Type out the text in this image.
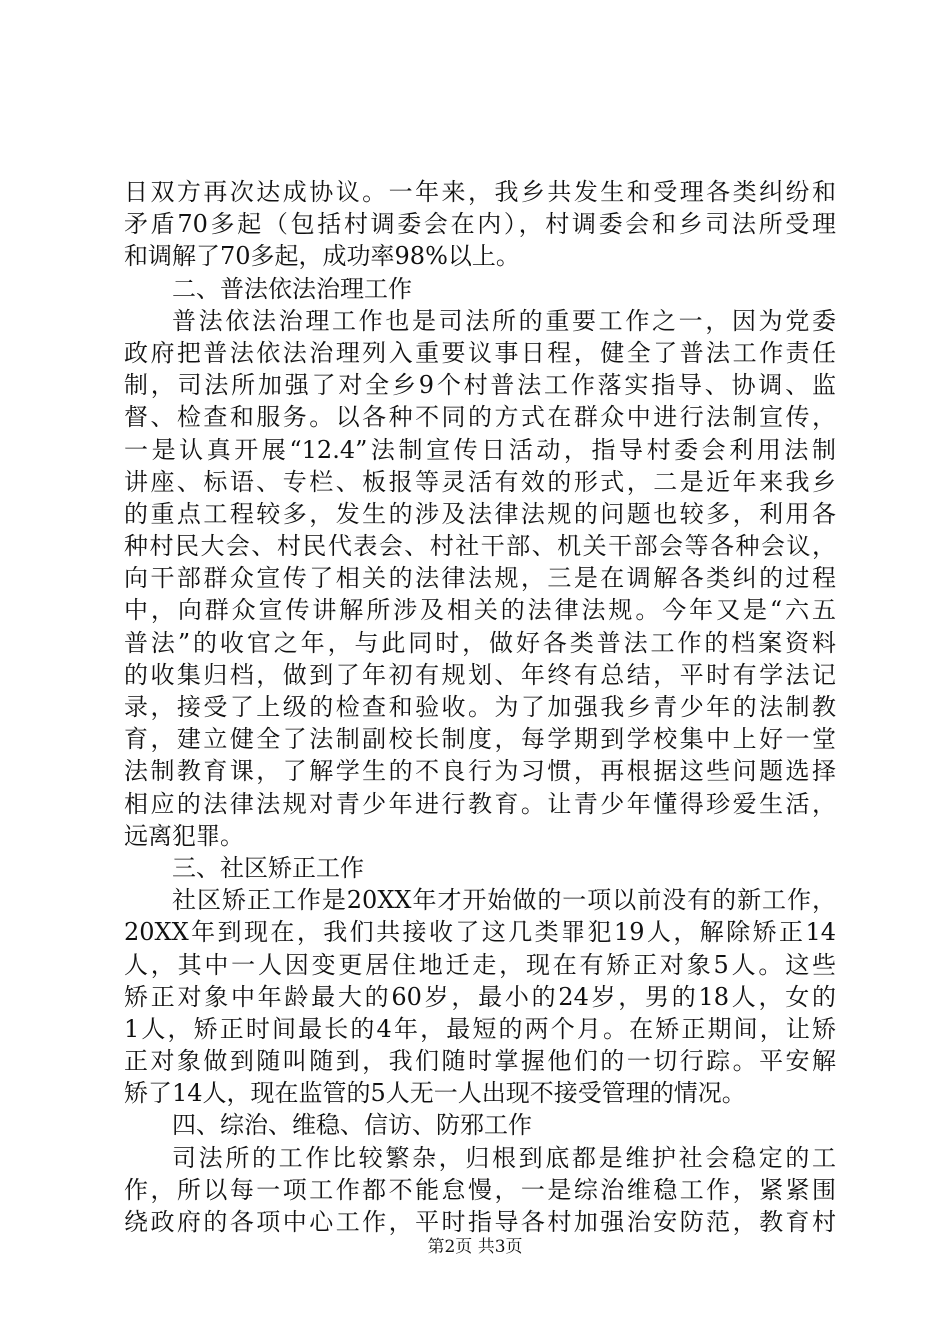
日双方再次达成协议。一年来，我乡共发生和受理各类纠纷和
矛盾70多起（包括村调委会在内），村调委会和乡司法所受理
和调解了70多起，成功率98%以上。
二、普法依法治理工作
普法依法治理工作也是司法所的重要工作之一，因为党委
政府把普法依法治理列入重要议事日程，健全了普法工作责任
制，司法所加强了对全乡9个村普法工作落实指导、协调、监
督、检查和服务。以各种不同的方式在群众中进行法制宣传，
一是认真开展“12.4”法制宣传日活动，指导村委会利用法制
讲座、标语、专栏、板报等灵活有效的形式，二是近年来我乡
的重点工程较多，发生的涉及法律法规的问题也较多，利用各
种村民大会、村民代表会、村社干部、机关干部会等各种会议，
向干部群众宣传了相关的法律法规，三是在调解各类纠的过程
中，向群众宣传讲解所涉及相关的法律法规。今年又是“六五
普法”的收官之年，与此同时，做好各类普法工作的档案资料
的收集归档，做到了年初有规划、年终有总结，平时有学法记
录，接受了上级的检查和验收。为了加强我乡青少年的法制教
育，建立健全了法制副校长制度，每学期到学校集中上好一堂
法制教育课，了解学生的不良行为习惯，再根据这些问题选择
相应的法律法规对青少年进行教育。让青少年懂得珍爱生活，
远离犯罪。
三、社区矫正工作
社区矫正工作是20XX年才开始做的一项以前没有的新工作，
20XX年到现在，我们共接收了这几类罪犯19人，解除矫正14
人，其中一人因变更居住地迁走，现在有矫正对象5人。这些
矫正对象中年龄最大的60岁，最小的24岁，男的18人，女的
1人，矫正时间最长的4年，最短的两个月。在矫正期间，让矫
正对象做到随叫随到，我们随时掌握他们的一切行踪。平安解
矫了14人，现在监管的5人无一人出现不接受管理的情况。
四、综治、维稳、信访、防邪工作
司法所的工作比较繁杂，归根到底都是维护社会稳定的工
作，所以每一项工作都不能怠慢，一是综治维稳工作，紧紧围
绕政府的各项中心工作，平时指导各村加强治安防范，教育村
第2页 共3页
